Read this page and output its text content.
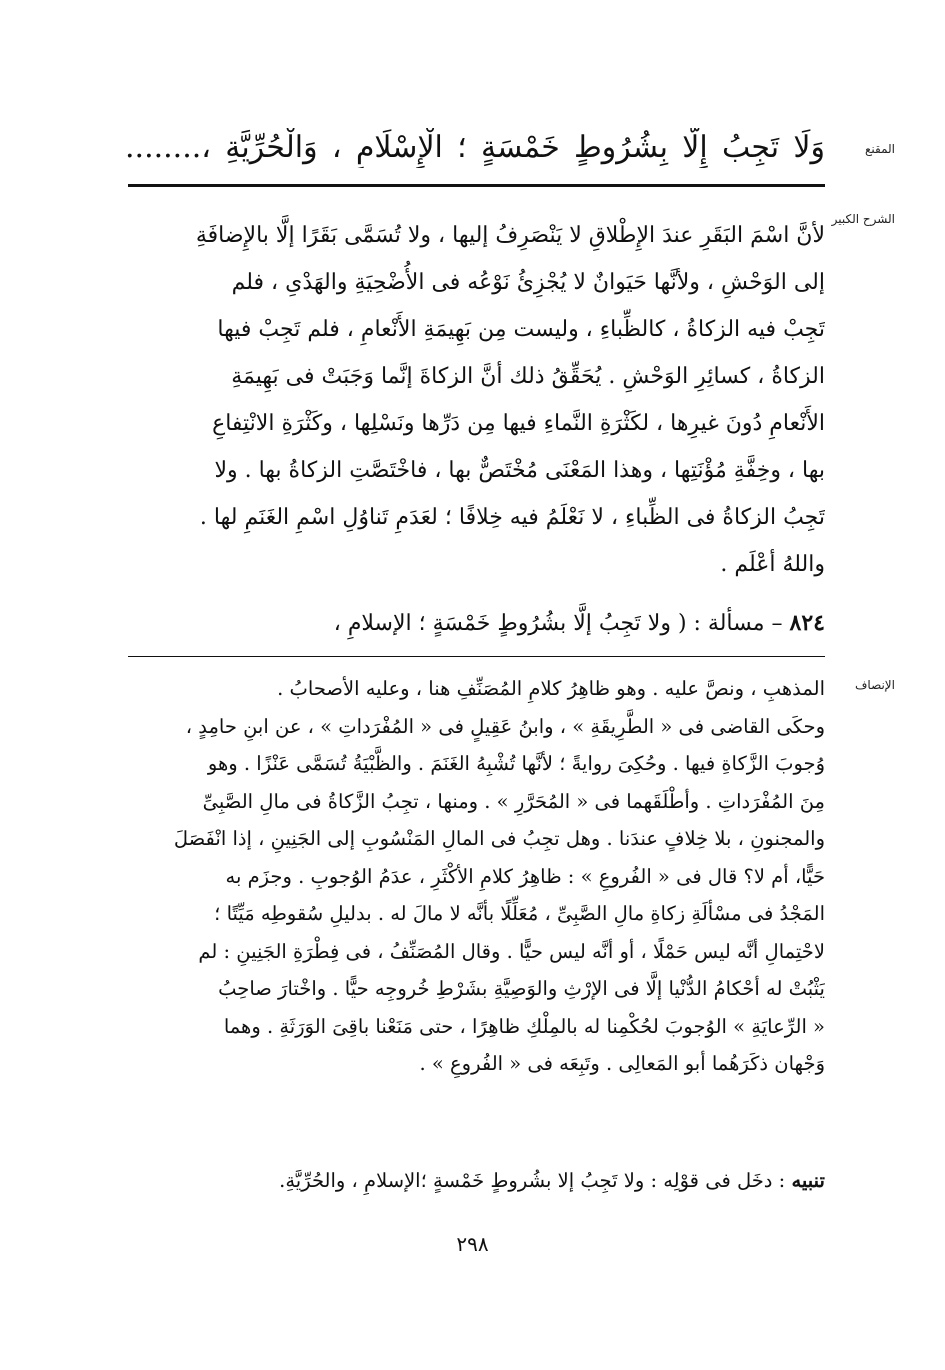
المقنع
وَلَا تَجِبُ إِلَّا بِشُرُوطٍ خَمْسَةٍ ؛ الْإِسْلَامِ ، وَالْحُرِّيَّةِ ،........
الشرح الكبير
لأنَّ اسْمَ البَقَرِ عندَ الإِطْلاقِ لا يَنْصَرِفُ إليها ، ولا تُسَمَّى بَقَرًا إلَّا بالإِضافَةِ
إلى الوَحْشِ ، ولأنَّها حَيَوانٌ لا يُجْزِئُ نَوْعُه فى الأُضْحِيَةِ والهَدْىِ ، فلم
تَجِبْ فيه الزكاةُ ، كالظِّباءِ ، وليست مِن بَهِيمَةِ الأَنْعامِ ، فلم تَجِبْ فيها
الزكاةُ ، كسائِرِ الوَحْشِ . يُحَقِّقُ ذلك أنَّ الزكاةَ إنَّما وَجَبَتْ فى بَهِيمَةِ
الأَنْعامِ دُونَ غيرِها ، لكَثْرَةِ النَّماءِ فيها مِن دَرِّها ونَسْلِها ، وكَثْرَةِ الانْتِفاعِ
بها ، وخِفَّةِ مُؤْنَتِها ، وهذا المَعْنَى مُخْتَصٌّ بها ، فاخْتَصَّتِ الزكاةُ بها . ولا
تَجِبُ الزكاةُ فى الظِّباءِ ، لا نَعْلَمُ فيه خِلافًا ؛ لعَدَمِ تَناوُلِ اسْمِ الغَنَمِ لها .
واللهُ أعْلَم .
٨٢٤ – مسألة : ( ولا تَجِبُ إلَّا بشُرُوطٍ خَمْسَةٍ ؛ الإسلامِ ،
الإنصاف
المذهبِ ، ونصَّ عليه . وهو ظاهِرُ كلامِ المُصَنِّفِ هنا ، وعليه الأصحابُ .
وحكَى القاضى فى « الطَّرِيقَةِ » ، وابنُ عَقِيلٍ فى « المُفْرَداتِ » ، عن ابنِ حامِدٍ ،
وُجوبَ الزَّكاةِ فيها . وحُكِىَ روايةً ؛ لأنَّها تُشْبِهُ الغَنَمَ . والظَّبْيَةُ تُسَمَّى عَنْزًا . وهو
مِنَ المُفْرَداتِ . وأطْلَقَهما فى « المُحَرَّرِ » . ومنها ، تجِبُ الزَّكاةُ فى مالِ الصَّبِىِّ
والمجنونِ ، بلا خِلافٍ عندَنا . وهل تجِبُ فى المالِ المَنْسُوبِ إلى الجَنِينِ ، إذا انْفَصَلَ
حَيًّا، أم لا؟ قال فى « الفُروعِ » : ظاهِرُ كلامِ الأكْثَرِ ، عدَمُ الوُجوبِ . وجزَم به
المَجْدُ فى مسْألَةِ زكاةِ مالِ الصَّبِىِّ ، مُعَلِّلًا بأنَّه لا مالَ له . بدليلِ سُقوطِه مَيِّتًا ؛
لاحْتِمالِ أنَّه ليس حَمْلًا ، أو أنَّه ليس حيًّا . وقال المُصَنِّفُ ، فى فِطْرَةِ الجَنِينِ : لم
يَثْبُتْ له أحْكامُ الدُّنْيا إلَّا فى الإرْثِ والوَصِيَّةِ بشَرْطِ خُروجِه حيًّا . واخْتارَ صاحِبُ
« الرِّعايَةِ » الوُجوبَ لحُكْمِنا له بالمِلْكِ ظاهِرًا ، حتى مَنَعْنا باقِىَ الوَرَثَةِ . وهما
وَجْهان ذكَرَهُما أبو المَعالِى . وتَبِعَه فى « الفُروعِ » .
تنبيه : دخَل فى قوْلِه : ولا تَجِبُ إلا بشُروطٍ خَمْسةٍ ؛الإسلامِ ، والحُرِّيَّةِ.
٢٩٨
